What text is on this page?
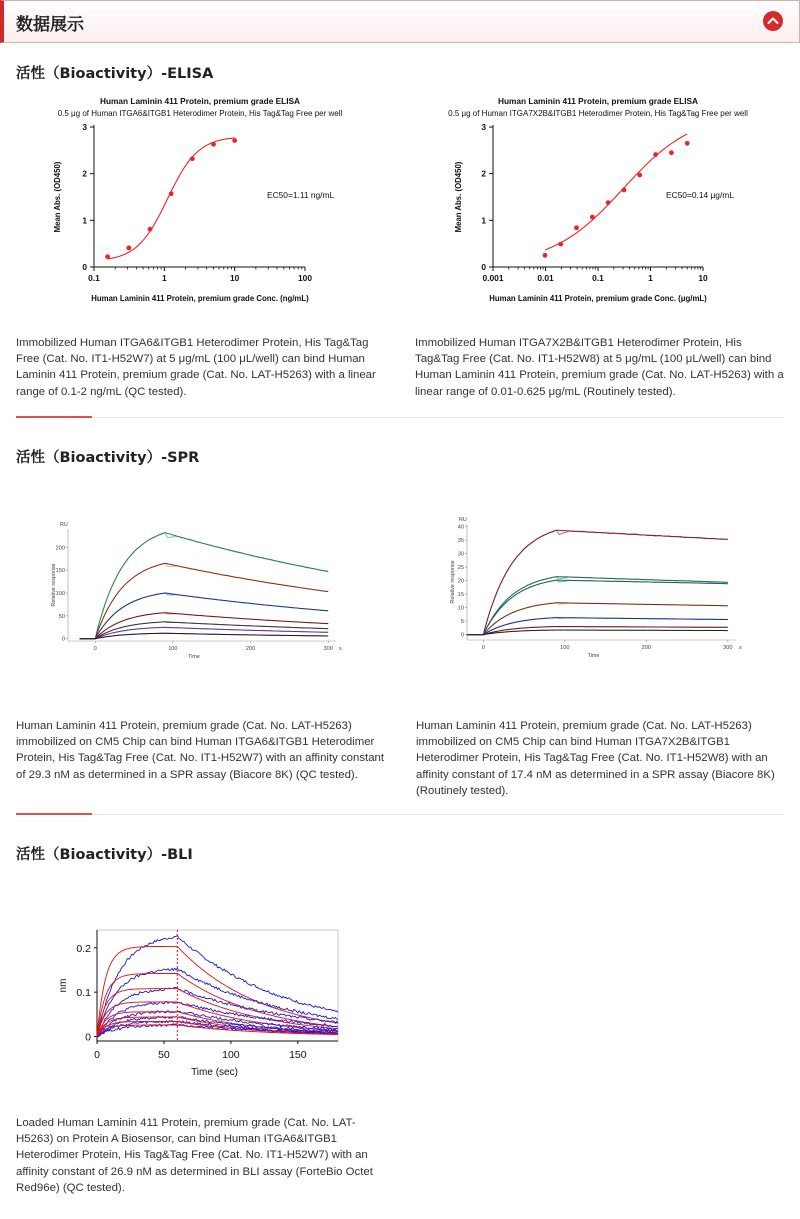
数据展示
活性（Bioactivity）-ELISA
Human Laminin 411 Protein, premium grade ELISA
0.5 μg of Human ITGA6&ITGB1 Heterodimer Protein, His Tag&Tag Free per well
0
1
2
3
0.1	1	10	100
Human Laminin 411 Protein, premium grade Conc. (ng/mL)
Mean Abs. (OD450)	EC50=1.11 ng/mL
Human Laminin 411 Protein, premium grade ELISA
0.5 μg of Human ITGA7X2B&ITGB1 Heterodimer Protein, His Tag&Tag Free per well
0
1
2
3
0.001	0.01	0.1	1	10
Human Laminin 411 Protein, premium grade Conc. (μg/mL)
Mean Abs. (OD450)	EC50=0.14 μg/mL
Immobilized Human ITGA6&ITGB1 Heterodimer Protein, His Tag&Tag Free (Cat. No. IT1-H52W7) at 5 μg/mL (100 μL/well) can bind Human Laminin 411 Protein, premium grade (Cat. No. LAT-H5263) with a linear range of 0.1-2 ng/mL (QC tested).
Immobilized Human ITGA7X2B&ITGB1 Heterodimer Protein, His Tag&Tag Free (Cat. No. IT1-H52W8) at 5 μg/mL (100 μL/well) can bind Human Laminin 411 Protein, premium grade (Cat. No. LAT-H5263) with a linear range of 0.01-0.625 μg/mL (Routinely tested).
活性（Bioactivity）-SPR
0
50
100
150
200
0	100	200	300
RU
s
Time
Relative response
0
5
10
15
20
25
30
35
40
0	100	200	300
RU
s
Time
Relative response
Human Laminin 411 Protein, premium grade (Cat. No. LAT-H5263) immobilized on CM5 Chip can bind Human ITGA6&ITGB1 Heterodimer Protein, His Tag&Tag Free (Cat. No. IT1-H52W7) with an affinity constant of 29.3 nM as determined in a SPR assay (Biacore 8K) (QC tested).
Human Laminin 411 Protein, premium grade (Cat. No. LAT-H5263) immobilized on CM5 Chip can bind Human ITGA7X2B&ITGB1 Heterodimer Protein, His Tag&Tag Free (Cat. No. IT1-H52W8) with an affinity constant of 17.4 nM as determined in a SPR assay (Biacore 8K) (Routinely tested).
活性（Bioactivity）-BLI
0
0.1
0.2
0	50	100	150
Time (sec)
nm
Loaded Human Laminin 411 Protein, premium grade (Cat. No. LAT-H5263) on Protein A Biosensor, can bind Human ITGA6&ITGB1 Heterodimer Protein, His Tag&Tag Free (Cat. No. IT1-H52W7) with an affinity constant of 26.9 nM as determined in BLI assay (ForteBio Octet Red96e) (QC tested).
